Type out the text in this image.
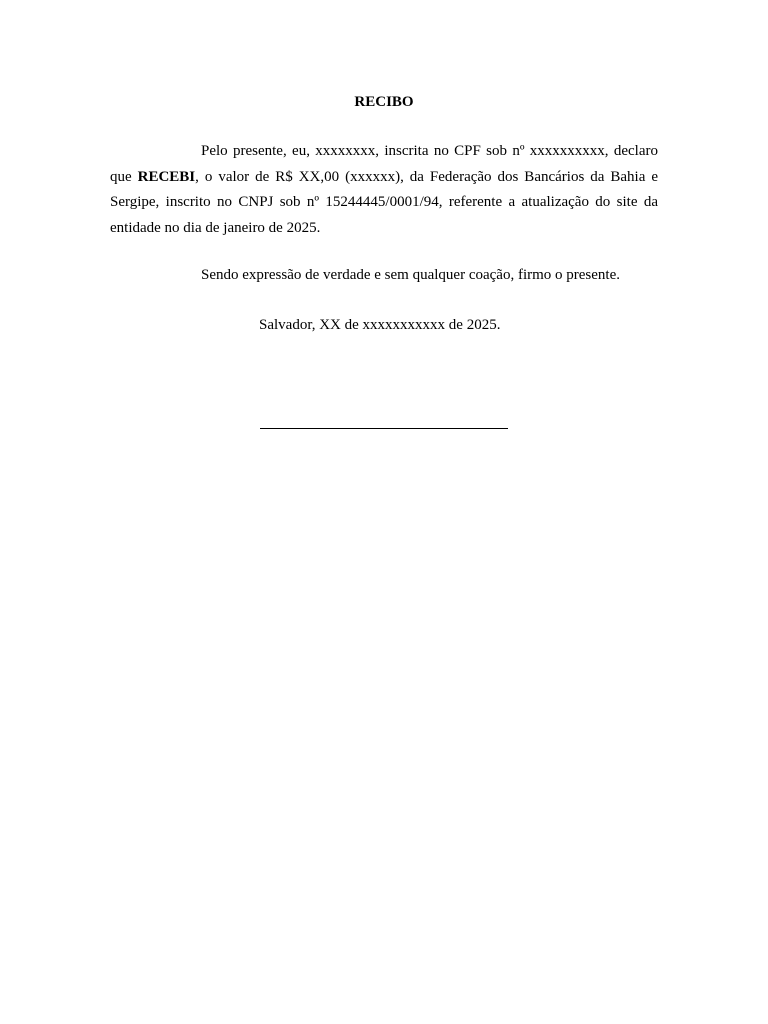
RECIBO

Pelo presente, eu, xxxxxxxx, inscrita no CPF sob nº xxxxxxxxxx, declaro que RECEBI, o valor de R$ XX,00 (xxxxxx), da Federação dos Bancários da Bahia e Sergipe, inscrito no CNPJ sob nº 15244445/0001/94, referente a atualização do site da entidade no dia de janeiro de 2025.

Sendo expressão de verdade e sem qualquer coação, firmo o presente.
Salvador, XX de xxxxxxxxxxx de 2025.
